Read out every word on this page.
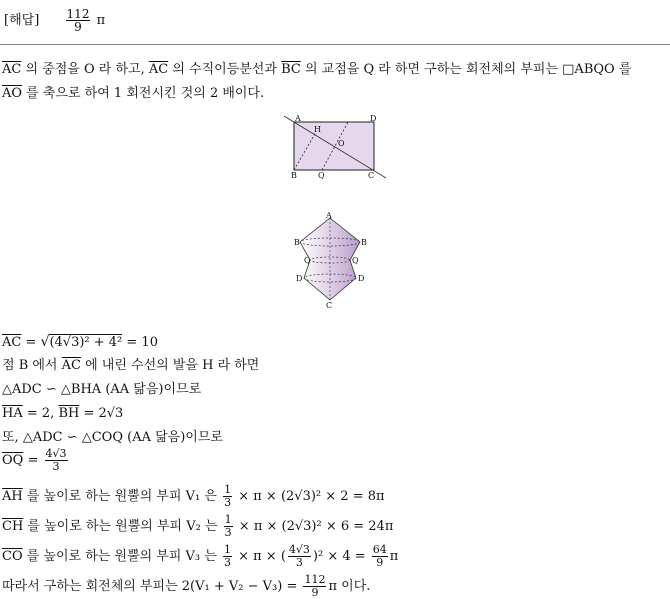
[해답] $\frac{112}{9}$ π
$\overline{AC}$ 의 중점을 O 라 하고, $\overline{AC}$ 의 수직이등분선과 $\overline{BC}$ 의 교점을 Q 라 하면 구하는 회전체의 부피는 □ABQO 를
$\overline{AO}$ 를 축으로 하여 1 회전시킨 것의 2 배이다.
A	D
H
O
B	Q	C
A
B	B
Q	Q
D	D
C
$\overline{AC} = √(4√3)^2 + 4^2 = 10$
점 B 에서 $\overline{AC}$ 에 내린 수선의 발을 H 라 하면
△ADC ∽ △BHA (AA 닮음)이므로
$\overline{HA} = 2$, $\overline{BH} = 2√3$
또, △ADC ∽ △COQ (AA 닮음)이므로
$\overline{OQ} = \frac{4√3}{3}$
$\overline{AH}$ 를 높이로 하는 원뿔의 부피 V₁ 은 $\frac{1}{3} \times \pi \times (2√3)^2 \times 2 = 8\pi$
$\overline{CH}$ 를 높이로 하는 원뿔의 부피 V₂ 는 $\frac{1}{3} \times \pi \times (2√3)^2 \times 6 = 24\pi$
$\overline{CO}$ 를 높이로 하는 원뿔의 부피 V₃ 는 $\frac{1}{3} \times \pi$ × ( $\frac{4√3}{3} )^2 \times 4 = \frac{64}{9}$ π
따라서 구하는 회전체의 부피는 $2(V_1 + V_2 - V_3) = \frac{112}{9}$ π 이다.
